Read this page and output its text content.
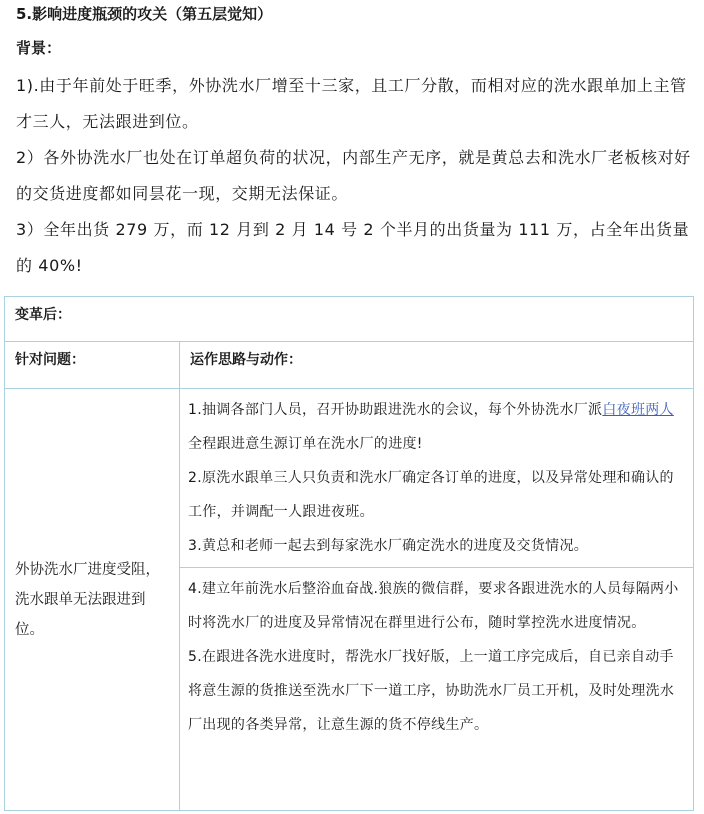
5.影响进度瓶颈的攻关（第五层觉知）
背景：
1).由于年前处于旺季，外协洗水厂增至十三家，且工厂分散，而相对应的洗水跟单加上主管才三人，无法跟进到位。
2）各外协洗水厂也处在订单超负荷的状况，内部生产无序，就是黄总去和洗水厂老板核对好的交货进度都如同昙花一现，交期无法保证。
3）全年出货 279 万，而 12 月到 2 月 14 号 2 个半月的出货量为 111 万，占全年出货量的 40%!
变革后：	
针对问题：	运作思路与动作：
外协洗水厂进度受阻，洗水跟单无法跟进到位。	1.抽调各部门人员，召开协助跟进洗水的会议，每个外协洗水厂派白夜班两人全程跟进意生源订单在洗水厂的进度!
2.原洗水跟单三人只负责和洗水厂确定各订单的进度，以及异常处理和确认的工作，并调配一人跟进夜班。
3.黄总和老师一起去到每家洗水厂确定洗水的进度及交货情况。

	4.建立年前洗水后整浴血奋战.狼族的微信群，要求各跟进洗水的人员每隔两小时将洗水厂的进度及异常情况在群里进行公布，随时掌控洗水进度情况。
5.在跟进各洗水进度时，帮洗水厂找好版，上一道工序完成后，自已亲自动手将意生源的货推送至洗水厂下一道工序，协助洗水厂员工开机，及时处理洗水厂出现的各类异常，让意生源的货不停线生产。
